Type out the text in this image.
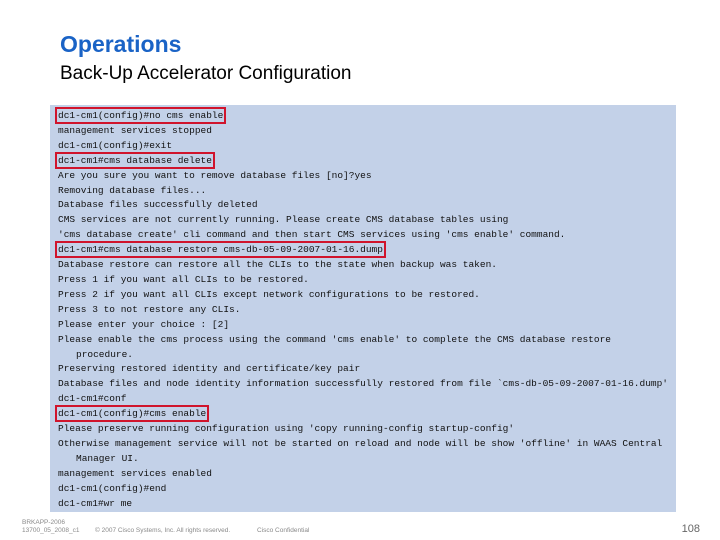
Operations
Back-Up Accelerator Configuration
dc1-cm1(config)#no cms enable
management services stopped
dc1-cm1(config)#exit
dc1-cm1#cms database delete
Are you sure you want to remove database files [no]?yes
Removing database files...
Database files successfully deleted
CMS services are not currently running. Please create CMS database tables using
'cms database create' cli command and then start CMS services using 'cms enable' command.
dc1-cm1#cms database restore cms-db-05-09-2007-01-16.dump
Database restore can restore all the CLIs to the state when backup was taken.
Press 1 if you want all CLIs to be restored.
Press 2 if you want all CLIs except network configurations to be restored.
Press 3 to not restore any CLIs.
Please enter your choice : [2]
Please enable the cms process using the command 'cms enable' to complete the CMS database restore procedure.
Preserving restored identity and certificate/key pair
Database files and node identity information successfully restored from file `cms-db-05-09-2007-01-16.dump'
dc1-cm1#conf
dc1-cm1(config)#cms enable
Please preserve running configuration using 'copy running-config startup-config'
Otherwise management service will not be started on reload and node will be show 'offline' in WAAS Central Manager UI.
management services enabled
dc1-cm1(config)#end
dc1-cm1#wr me
BRKAPP-2006
13700_05_2008_c1 © 2007 Cisco Systems, Inc. All rights reserved.	Cisco Confidential	108
